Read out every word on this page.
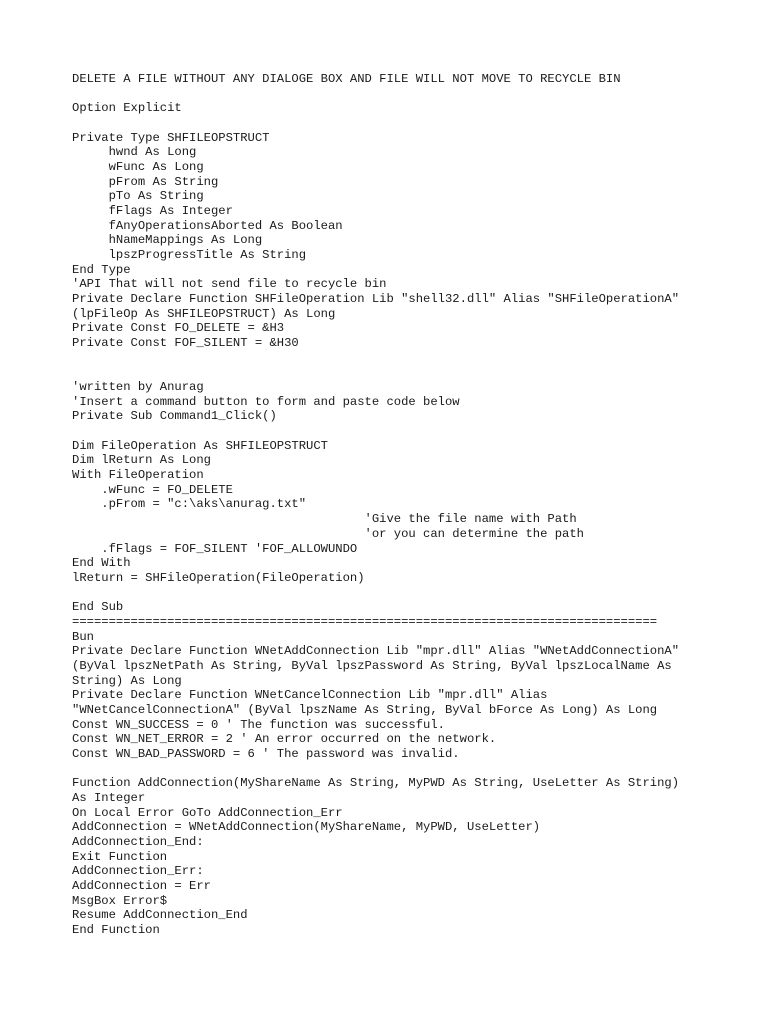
DELETE A FILE WITHOUT ANY DIALOGE BOX AND FILE WILL NOT MOVE TO RECYCLE BIN
Option Explicit
Private Type SHFILEOPSTRUCT
hwnd As Long
wFunc As Long
pFrom As String
pTo As String
fFlags As Integer
fAnyOperationsAborted As Boolean
hNameMappings As Long
lpszProgressTitle As String
End Type
'API That will not send file to recycle bin
Private Declare Function SHFileOperation Lib "shell32.dll" Alias "SHFileOperationA"
(lpFileOp As SHFILEOPSTRUCT) As Long
Private Const FO_DELETE = &H3
Private Const FOF_SILENT = &H30
'written by Anurag
'Insert a command button to form and paste code below
Private Sub Command1_Click()
Dim FileOperation As SHFILEOPSTRUCT
Dim lReturn As Long
With FileOperation
.wFunc = FO_DELETE
.pFrom = "c:\aks\anurag.txt"
'Give the file name with Path
'or you can determine the path
.fFlags = FOF_SILENT 'FOF_ALLOWUNDO
End With
lReturn = SHFileOperation(FileOperation)
End Sub
================================================================================
Bun
Private Declare Function WNetAddConnection Lib "mpr.dll" Alias "WNetAddConnectionA"
(ByVal lpszNetPath As String, ByVal lpszPassword As String, ByVal lpszLocalName As
String) As Long
Private Declare Function WNetCancelConnection Lib "mpr.dll" Alias
"WNetCancelConnectionA" (ByVal lpszName As String, ByVal bForce As Long) As Long
Const WN_SUCCESS = 0 ' The function was successful.
Const WN_NET_ERROR = 2 ' An error occurred on the network.
Const WN_BAD_PASSWORD = 6 ' The password was invalid.
Function AddConnection(MyShareName As String, MyPWD As String, UseLetter As String)
As Integer
On Local Error GoTo AddConnection_Err
AddConnection = WNetAddConnection(MyShareName, MyPWD, UseLetter)
AddConnection_End:
Exit Function
AddConnection_Err:
AddConnection = Err
MsgBox Error$
Resume AddConnection_End
End Function
